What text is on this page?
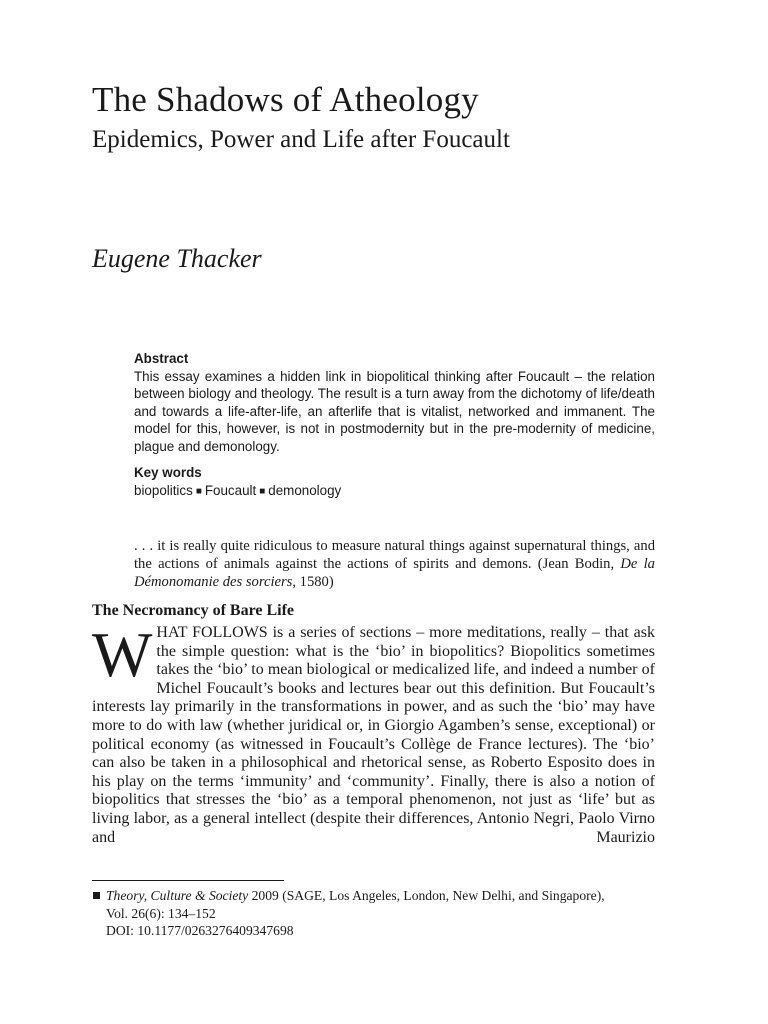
The Shadows of Atheology
Epidemics, Power and Life after Foucault

Eugene Thacker

Abstract
This essay examines a hidden link in biopolitical thinking after Foucault – the relation between biology and theology. The result is a turn away from the dichotomy of life/death and towards a life-after-life, an afterlife that is vitalist, networked and immanent. The model for this, however, is not in postmodernity but in the pre-modernity of medicine, plague and demonology.
Key words
biopolitics ■ Foucault ■ demonology
. . . it is really quite ridiculous to measure natural things against supernatural things, and the actions of animals against the actions of spirits and demons. (Jean Bodin, De la Démonomanie des sorciers, 1580)
The Necromancy of Bare Life
WHAT FOLLOWS is a series of sections – more meditations, really – that ask the simple question: what is the ‘bio’ in biopolitics? Biopolitics sometimes takes the ‘bio’ to mean biological or medicalized life, and indeed a number of Michel Foucault’s books and lectures bear out this definition. But Foucault’s interests lay primarily in the transformations in power, and as such the ‘bio’ may have more to do with law (whether juridical or, in Giorgio Agamben’s sense, exceptional) or political economy (as witnessed in Foucault’s Collège de France lectures). The ‘bio’ can also be taken in a philosophical and rhetorical sense, as Roberto Esposito does in his play on the terms ‘immunity’ and ‘community’. Finally, there is also a notion of biopolitics that stresses the ‘bio’ as a temporal phenomenon, not just as ‘life’ but as living labor, as a general intellect (despite their differences, Antonio Negri, Paolo Virno and Maurizio
Theory, Culture & Society 2009 (SAGE, Los Angeles, London, New Delhi, and Singapore),
Vol. 26(6): 134–152
DOI: 10.1177/0263276409347698
